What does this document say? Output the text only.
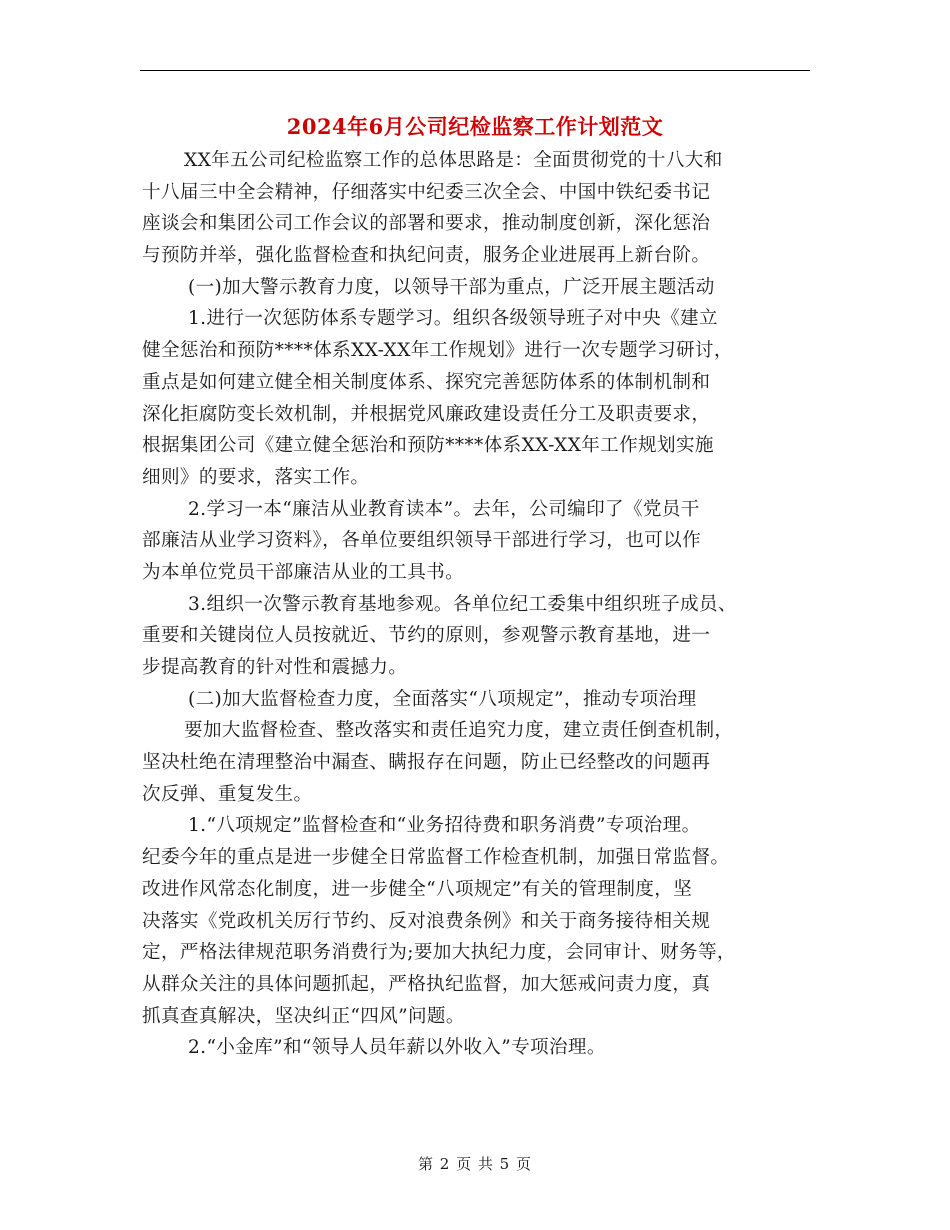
2024年6月公司纪检监察工作计划范文
XX年五公司纪检监察工作的总体思路是：全面贯彻党的十八大和
十八届三中全会精神，仔细落实中纪委三次全会、中国中铁纪委书记
座谈会和集团公司工作会议的部署和要求，推动制度创新，深化惩治
与预防并举，强化监督检查和执纪问责，服务企业进展再上新台阶。
(一)加大警示教育力度，以领导干部为重点，广泛开展主题活动
1.进行一次惩防体系专题学习。组织各级领导班子对中央《建立
健全惩治和预防****体系XX-XX年工作规划》进行一次专题学习研讨，
重点是如何建立健全相关制度体系、探究完善惩防体系的体制机制和
深化拒腐防变长效机制，并根据党风廉政建设责任分工及职责要求，
根据集团公司《建立健全惩治和预防****体系XX-XX年工作规划实施
细则》的要求，落实工作。
2.学习一本“廉洁从业教育读本”。去年，公司编印了《党员干
部廉洁从业学习资料》，各单位要组织领导干部进行学习，也可以作
为本单位党员干部廉洁从业的工具书。
3.组织一次警示教育基地参观。各单位纪工委集中组织班子成员、
重要和关键岗位人员按就近、节约的原则，参观警示教育基地，进一
步提高教育的针对性和震撼力。
(二)加大监督检查力度，全面落实“八项规定”，推动专项治理
要加大监督检查、整改落实和责任追究力度，建立责任倒查机制，
坚决杜绝在清理整治中漏查、瞒报存在问题，防止已经整改的问题再
次反弹、重复发生。
1.“八项规定”监督检查和“业务招待费和职务消费”专项治理。
纪委今年的重点是进一步健全日常监督工作检查机制，加强日常监督。
改进作风常态化制度，进一步健全“八项规定”有关的管理制度，坚
决落实《党政机关厉行节约、反对浪费条例》和关于商务接待相关规
定，严格法律规范职务消费行为;要加大执纪力度，会同审计、财务等，
从群众关注的具体问题抓起，严格执纪监督，加大惩戒问责力度，真
抓真查真解决，坚决纠正“四风”问题。
2.“小金库”和“领导人员年薪以外收入”专项治理。
第 2 页 共 5 页
